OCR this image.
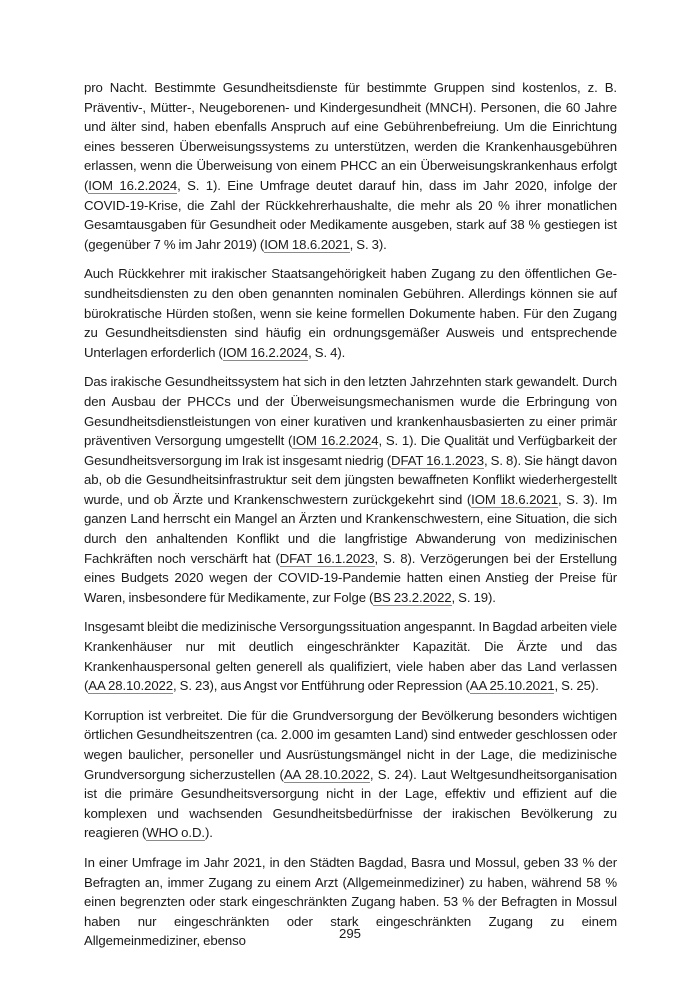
pro Nacht. Bestimmte Gesundheitsdienste für bestimmte Gruppen sind kostenlos, z. B. Präventiv-, Mütter-, Neugeborenen- und Kindergesundheit (MNCH). Personen, die 60 Jahre und älter sind, haben ebenfalls Anspruch auf eine Gebührenbefreiung. Um die Einrichtung eines besseren Überweisungssystems zu unterstützen, werden die Krankenhausgebühren erlassen, wenn die Überweisung von einem PHCC an ein Überweisungskrankenhaus erfolgt (IOM 16.2.2024, S. 1). Eine Umfrage deutet darauf hin, dass im Jahr 2020, infolge der COVID-19-Krise, die Zahl der Rückkehrerhaushalte, die mehr als 20 % ihrer monatlichen Gesamtausgaben für Gesundheit oder Medikamente ausgeben, stark auf 38 % gestiegen ist (gegenüber 7 % im Jahr 2019) (IOM 18.6.2021, S. 3).

Auch Rückkehrer mit irakischer Staatsangehörigkeit haben Zugang zu den öffentlichen Gesundheitsdiensten zu den oben genannten nominalen Gebühren. Allerdings können sie auf bürokratische Hürden stoßen, wenn sie keine formellen Dokumente haben. Für den Zugang zu Gesundheitsdiensten sind häufig ein ordnungsgemäßer Ausweis und entsprechende Unterlagen erforderlich (IOM 16.2.2024, S. 4).

Das irakische Gesundheitssystem hat sich in den letzten Jahrzehnten stark gewandelt. Durch den Ausbau der PHCCs und der Überweisungsmechanismen wurde die Erbringung von Gesundheitsdienstleistungen von einer kurativen und krankenhausbasierten zu einer primär präventiven Versorgung umgestellt (IOM 16.2.2024, S. 1). Die Qualität und Verfügbarkeit der Gesundheitsversorgung im Irak ist insgesamt niedrig (DFAT 16.1.2023, S. 8). Sie hängt davon ab, ob die Gesundheitsinfrastruktur seit dem jüngsten bewaffneten Konflikt wiederhergestellt wurde, und ob Ärzte und Krankenschwestern zurückgekehrt sind (IOM 18.6.2021, S. 3). Im ganzen Land herrscht ein Mangel an Ärzten und Krankenschwestern, eine Situation, die sich durch den anhaltenden Konflikt und die langfristige Abwanderung von medizinischen Fachkräften noch verschärft hat (DFAT 16.1.2023, S. 8). Verzögerungen bei der Erstellung eines Budgets 2020 wegen der COVID-19-Pandemie hatten einen Anstieg der Preise für Waren, insbesondere für Medikamente, zur Folge (BS 23.2.2022, S. 19).

Insgesamt bleibt die medizinische Versorgungssituation angespannt. In Bagdad arbeiten viele Krankenhäuser nur mit deutlich eingeschränkter Kapazität. Die Ärzte und das Krankenhauspersonal gelten generell als qualifiziert, viele haben aber das Land verlassen (AA 28.10.2022, S. 23), aus Angst vor Entführung oder Repression (AA 25.10.2021, S. 25).

Korruption ist verbreitet. Die für die Grundversorgung der Bevölkerung besonders wichtigen örtlichen Gesundheitszentren (ca. 2.000 im gesamten Land) sind entweder geschlossen oder wegen baulicher, personeller und Ausrüstungsmängel nicht in der Lage, die medizinische Grundversorgung sicherzustellen (AA 28.10.2022, S. 24). Laut Weltgesundheitsorganisation ist die primäre Gesundheitsversorgung nicht in der Lage, effektiv und effizient auf die komplexen und wachsenden Gesundheitsbedürfnisse der irakischen Bevölkerung zu reagieren (WHO o.D.).

In einer Umfrage im Jahr 2021, in den Städten Bagdad, Basra und Mossul, geben 33 % der Befragten an, immer Zugang zu einem Arzt (Allgemeinmediziner) zu haben, während 58 % einen begrenzten oder stark eingeschränkten Zugang haben. 53 % der Befragten in Mossul haben nur eingeschränkten oder stark eingeschränkten Zugang zu einem Allgemeinmediziner, ebenso	295
